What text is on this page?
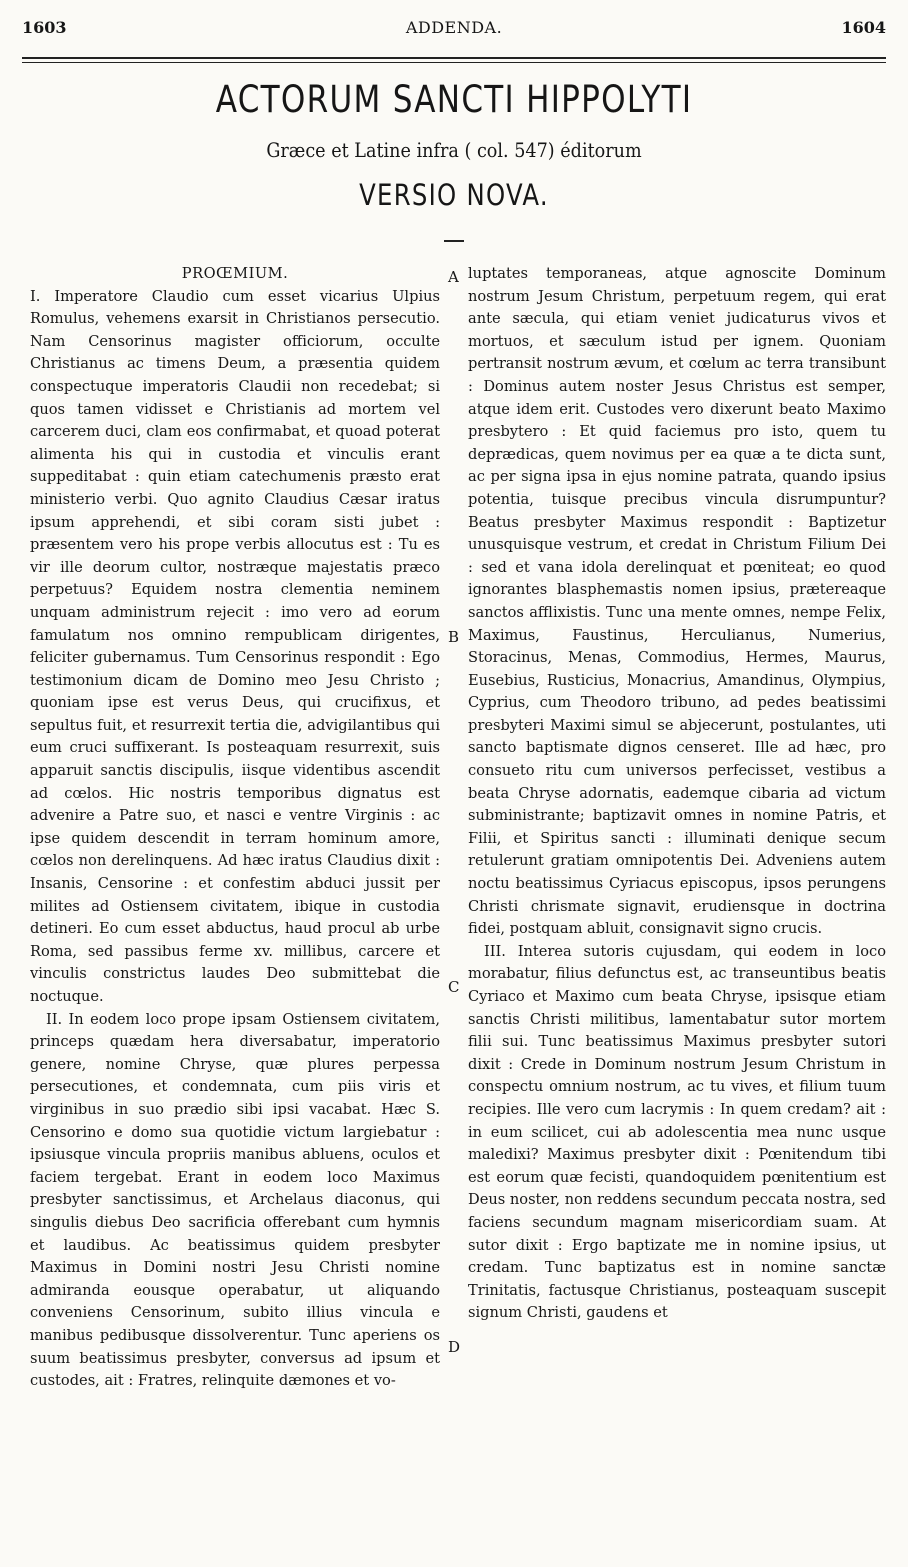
1603	ADDENDA.	1604
ACTORUM SANCTI HIPPOLYTI
Græce et Latine infra ( col. 547) éditorum
VERSIO NOVA.
PROŒMIUM.

I. Imperatore Claudio cum esset vicarius Ulpius Romulus, vehemens exarsit in Christianos persecutio. Nam Censorinus magister officiorum, occulte Christianus ac timens Deum, a præsentia quidem conspectuque imperatoris Claudii non recedebat; si quos tamen vidisset e Christianis ad mortem vel carcerem duci, clam eos confirmabat, et quoad poterat alimenta his qui in custodia et vinculis erant suppeditabat : quin etiam catechumenis præsto erat ministerio verbi. Quo agnito Claudius Cæsar iratus ipsum apprehendi, et sibi coram sisti jubet : præsentem vero his prope verbis allocutus est : Tu es vir ille deorum cultor, nostræque majestatis præco perpetuus? Equidem nostra clementia neminem unquam administrum rejecit : imo vero ad eorum famulatum nos omnino rempublicam dirigentes, feliciter gubernamus. Tum Censorinus respondit : Ego testimonium dicam de Domino meo Jesu Christo ; quoniam ipse est verus Deus, qui crucifixus, et sepultus fuit, et resurrexit tertia die, advigilantibus qui eum cruci suffixerant. Is posteaquam resurrexit, suis apparuit sanctis discipulis, iisque videntibus ascendit ad cœlos. Hic nostris temporibus dignatus est advenire a Patre suo, et nasci e ventre Virginis : ac ipse quidem descendit in terram hominum amore, cœlos non derelinquens. Ad hæc iratus Claudius dixit : Insanis, Censorine : et confestim abduci jussit per milites ad Ostiensem civitatem, ibique in custodia detineri. Eo cum esset abductus, haud procul ab urbe Roma, sed passibus ferme xv. millibus, carcere et vinculis constrictus laudes Deo submittebat die noctuque.

II. In eodem loco prope ipsam Ostiensem civitatem, princeps quædam hera diversabatur, imperatorio genere, nomine Chryse, quæ plures perpessa persecutiones, et condemnata, cum piis viris et virginibus in suo prædio sibi ipsi vacabat. Hæc S. Censorino e domo sua quotidie victum largiebatur : ipsiusque vincula propriis manibus abluens, oculos et faciem tergebat. Erant in eodem loco Maximus presbyter sanctissimus, et Archelaus diaconus, qui singulis diebus Deo sacrificia offerebant cum hymnis et laudibus. Ac beatissimus quidem presbyter Maximus in Domini nostri Jesu Christi nomine admiranda eousque operabatur, ut aliquando conveniens Censorinum, subito illius vincula e manibus pedibusque dissolverentur. Tunc aperiens os suum beatissimus presbyter, conversus ad ipsum et custodes, ait : Fratres, relinquite dæmones et vo-

A
B
C
D

luptates temporaneas, atque agnoscite Dominum nostrum Jesum Christum, perpetuum regem, qui erat ante sæcula, qui etiam veniet judicaturus vivos et mortuos, et sæculum istud per ignem. Quoniam pertransit nostrum ævum, et cœlum ac terra transibunt : Dominus autem noster Jesus Christus est semper, atque idem erit. Custodes vero dixerunt beato Maximo presbytero : Et quid faciemus pro isto, quem tu deprædicas, quem novimus per ea quæ a te dicta sunt, ac per signa ipsa in ejus nomine patrata, quando ipsius potentia, tuisque precibus vincula disrumpuntur? Beatus presbyter Maximus respondit : Baptizetur unusquisque vestrum, et credat in Christum Filium Dei : sed et vana idola derelinquat et pœniteat; eo quod ignorantes blasphemastis nomen ipsius, prætereaque sanctos afflixistis. Tunc una mente omnes, nempe Felix, Maximus, Faustinus, Herculianus, Numerius, Storacinus, Menas, Commodius, Hermes, Maurus, Eusebius, Rusticius, Monacrius, Amandinus, Olympius, Cyprius, cum Theodoro tribuno, ad pedes beatissimi presbyteri Maximi simul se abjecerunt, postulantes, uti sancto baptismate dignos censeret. Ille ad hæc, pro consueto ritu cum universos perfecisset, vestibus a beata Chryse adornatis, eademque cibaria ad victum subministrante; baptizavit omnes in nomine Patris, et Filii, et Spiritus sancti : illuminati denique secum retulerunt gratiam omnipotentis Dei. Adveniens autem noctu beatissimus Cyriacus episcopus, ipsos perungens Christi chrismate signavit, erudiensque in doctrina fidei, postquam abluit, consignavit signo crucis.

III. Interea sutoris cujusdam, qui eodem in loco morabatur, filius defunctus est, ac transeuntibus beatis Cyriaco et Maximo cum beata Chryse, ipsisque etiam sanctis Christi militibus, lamentabatur sutor mortem filii sui. Tunc beatissimus Maximus presbyter sutori dixit : Crede in Dominum nostrum Jesum Christum in conspectu omnium nostrum, ac tu vives, et filium tuum recipies. Ille vero cum lacrymis : In quem credam? ait : in eum scilicet, cui ab adolescentia mea nunc usque maledixi? Maximus presbyter dixit : Pœnitendum tibi est eorum quæ fecisti, quandoquidem pœnitentium est Deus noster, non reddens secundum peccata nostra, sed faciens secundum magnam misericordiam suam. At sutor dixit : Ergo baptizate me in nomine ipsius, ut credam. Tunc baptizatus est in nomine sanctæ Trinitatis, factusque Christianus, posteaquam suscepit signum Christi, gaudens et
